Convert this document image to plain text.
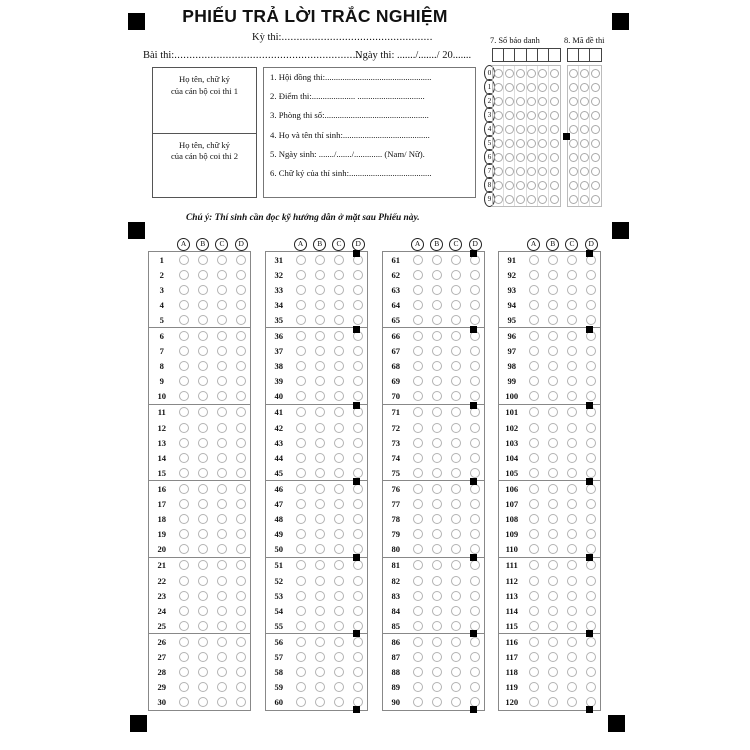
PHIẾU TRẢ LỜI TRẮC NGHIỆM
Kỳ thi:..................................................
Bài thi:..............................................................
Ngày thi: ......./......./ 20.......
Họ tên, chữ ký
của cán bộ coi thi 1
Họ tên, chữ ký
của cán bộ coi thi 2
1. Hội đồng thi:.................................................
2. Điểm thi:.................... ...............................
3. Phòng thi số:................................................
4. Họ và tên thí sinh:........................................
5. Ngày sinh: ......./......./............. (Nam/ Nữ).
6. Chữ ký của thí sinh:......................................
7. Số báo danh	8. Mã đề thi
0
1
2
3
4
5
6
7
8
9
Chú ý: Thí sinh cần đọc kỹ hướng dẫn ở mặt sau Phiếu này.
A	B	C	D
1
2
3
4
5
6
7
8
9
10
11
12
13
14
15
16
17
18
19
20
21
22
23
24
25
26
27
28
29
30
A	B	C	D
31
32
33
34
35
36
37
38
39
40
41
42
43
44
45
46
47
48
49
50
51
52
53
54
55
56
57
58
59
60
A	B	C	D
61
62
63
64
65
66
67
68
69
70
71
72
73
74
75
76
77
78
79
80
81
82
83
84
85
86
87
88
89
90
A	B	C	D
91
92
93
94
95
96
97
98
99
100
101
102
103
104
105
106
107
108
109
110
111
112
113
114
115
116
117
118
119
120
